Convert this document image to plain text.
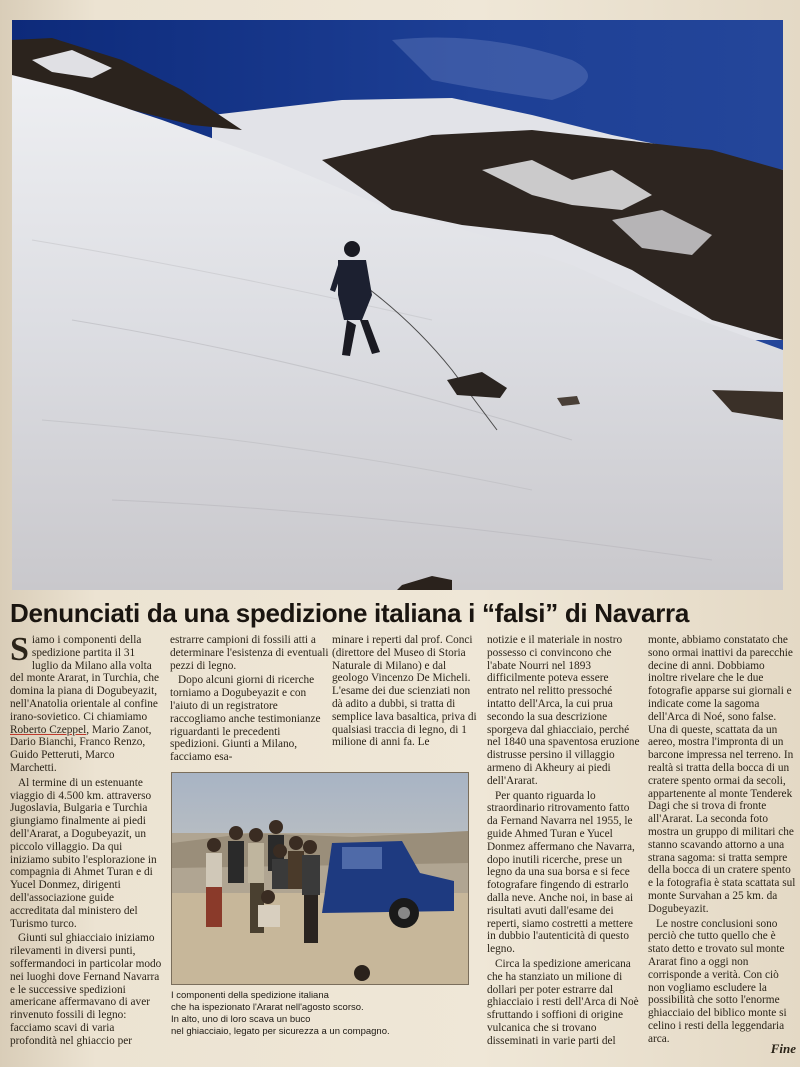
Denunciati da una spedizione italiana i “falsi” di Navarra

Siamo i componenti della spedizione partita il 31 luglio da Milano alla volta del monte Ararat, in Turchia, che domina la piana di Dogubeyazit, nell'Anatolia orientale al confine irano-sovietico. Ci chiamiamo Roberto Czeppel, Mario Zanot, Dario Bianchi, Franco Renzo, Guido Petteruti, Marco Marchetti.

Al termine di un estenuante viaggio di 4.500 km. attraverso Jugoslavia, Bulgaria e Turchia giungiamo finalmente ai piedi dell'Ararat, a Dogubeyazit, un piccolo villaggio. Da qui iniziamo subito l'esplorazione in compagnia di Ahmet Turan e di Yucel Donmez, dirigenti dell'associazione guide accreditata dal ministero del Turismo turco.

Giunti sul ghiacciaio iniziamo rilevamenti in diversi punti, soffermandoci in particolar modo nei luoghi dove Fernand Navarra e le successive spedizioni americane affermavano di aver rinvenuto fossili di legno: facciamo scavi di varia profondità nel ghiaccio per

estrarre campioni di fossili atti a determinare l'esistenza di eventuali pezzi di legno.

Dopo alcuni giorni di ricerche torniamo a Dogubeyazit e con l'aiuto di un registratore raccogliamo anche testimonianze riguardanti le precedenti spedizioni. Giunti a Milano, facciamo esa-

minare i reperti dal prof. Conci (direttore del Museo di Storia Naturale di Milano) e dal geologo Vincenzo De Micheli. L'esame dei due scienziati non dà adito a dubbi, si tratta di semplice lava basaltica, priva di qualsiasi traccia di legno, di 1 milione di anni fa. Le

I componenti della spedizione italiana
che ha ispezionato l'Ararat nell'agosto scorso.
In alto, uno di loro scava un buco
nel ghiacciaio, legato per sicurezza a un compagno.

notizie e il materiale in nostro possesso ci convincono che l'abate Nourri nel 1893 difficilmente poteva essere entrato nel relitto pressoché intatto dell'Arca, la cui prua secondo la sua descrizione sporgeva dal ghiacciaio, perché nel 1840 una spaventosa eruzione distrusse persino il villaggio armeno di Akheury ai piedi dell'Ararat.

Per quanto riguarda lo straordinario ritrovamento fatto da Fernand Navarra nel 1955, le guide Ahmed Turan e Yucel Donmez affermano che Navarra, dopo inutili ricerche, prese un legno da una sua borsa e si fece fotografare fingendo di estrarlo dalla neve. Anche noi, in base ai risultati avuti dall'esame dei reperti, siamo costretti a mettere in dubbio l'autenticità di questo legno.

Circa la spedizione americana che ha stanziato un milione di dollari per poter estrarre dal ghiacciaio i resti dell'Arca di Noè sfruttando i soffioni di origine vulcanica che si trovano disseminati in varie parti del

monte, abbiamo constatato che sono ormai inattivi da parecchie decine di anni. Dobbiamo inoltre rivelare che le due fotografie apparse sui giornali e indicate come la sagoma dell'Arca di Noé, sono false. Una di queste, scattata da un aereo, mostra l'impronta di un barcone impressa nel terreno. In realtà si tratta della bocca di un cratere spento ormai da secoli, appartenente al monte Tenderek Dagi che si trova di fronte all'Ararat. La seconda foto mostra un gruppo di militari che stanno scavando attorno a una strana sagoma: si tratta sempre della bocca di un cratere spento e la fotografia è stata scattata sul monte Survahan a 25 km. da Dogubeyazit.

Le nostre conclusioni sono perciò che tutto quello che è stato detto e trovato sul monte Ararat fino a oggi non corrisponde a verità. Con ciò non vogliamo escludere la possibilità che sotto l'enorme ghiacciaio del biblico monte si celino i resti della leggendaria arca.

Fine
